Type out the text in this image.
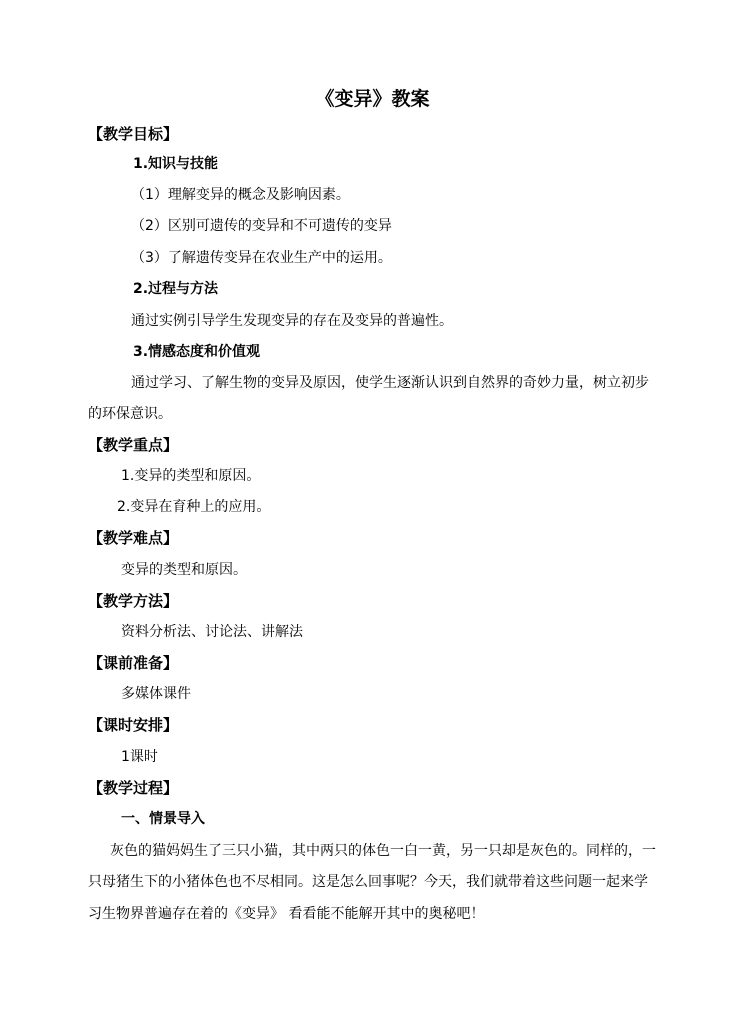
《变异》教案
【教学目标】
1.知识与技能
（1）理解变异的概念及影响因素。
（2）区别可遗传的变异和不可遗传的变异
（3）了解遗传变异在农业生产中的运用。
2.过程与方法
通过实例引导学生发现变异的存在及变异的普遍性。
3.情感态度和价值观
通过学习、了解生物的变异及原因，使学生逐渐认识到自然界的奇妙力量，树立初步
的环保意识。
【教学重点】
1.变异的类型和原因。
2.变异在育种上的应用。
【教学难点】
变异的类型和原因。
【教学方法】
资料分析法、讨论法、讲解法
【课前准备】
多媒体课件
【课时安排】
1课时
【教学过程】
一、情景导入
灰色的猫妈妈生了三只小猫，其中两只的体色一白一黄，另一只却是灰色的。同样的，一
只母猪生下的小猪体色也不尽相同。这是怎么回事呢？今天，我们就带着这些问题一起来学
习生物界普遍存在着的《变异》 看看能不能解开其中的奥秘吧！
